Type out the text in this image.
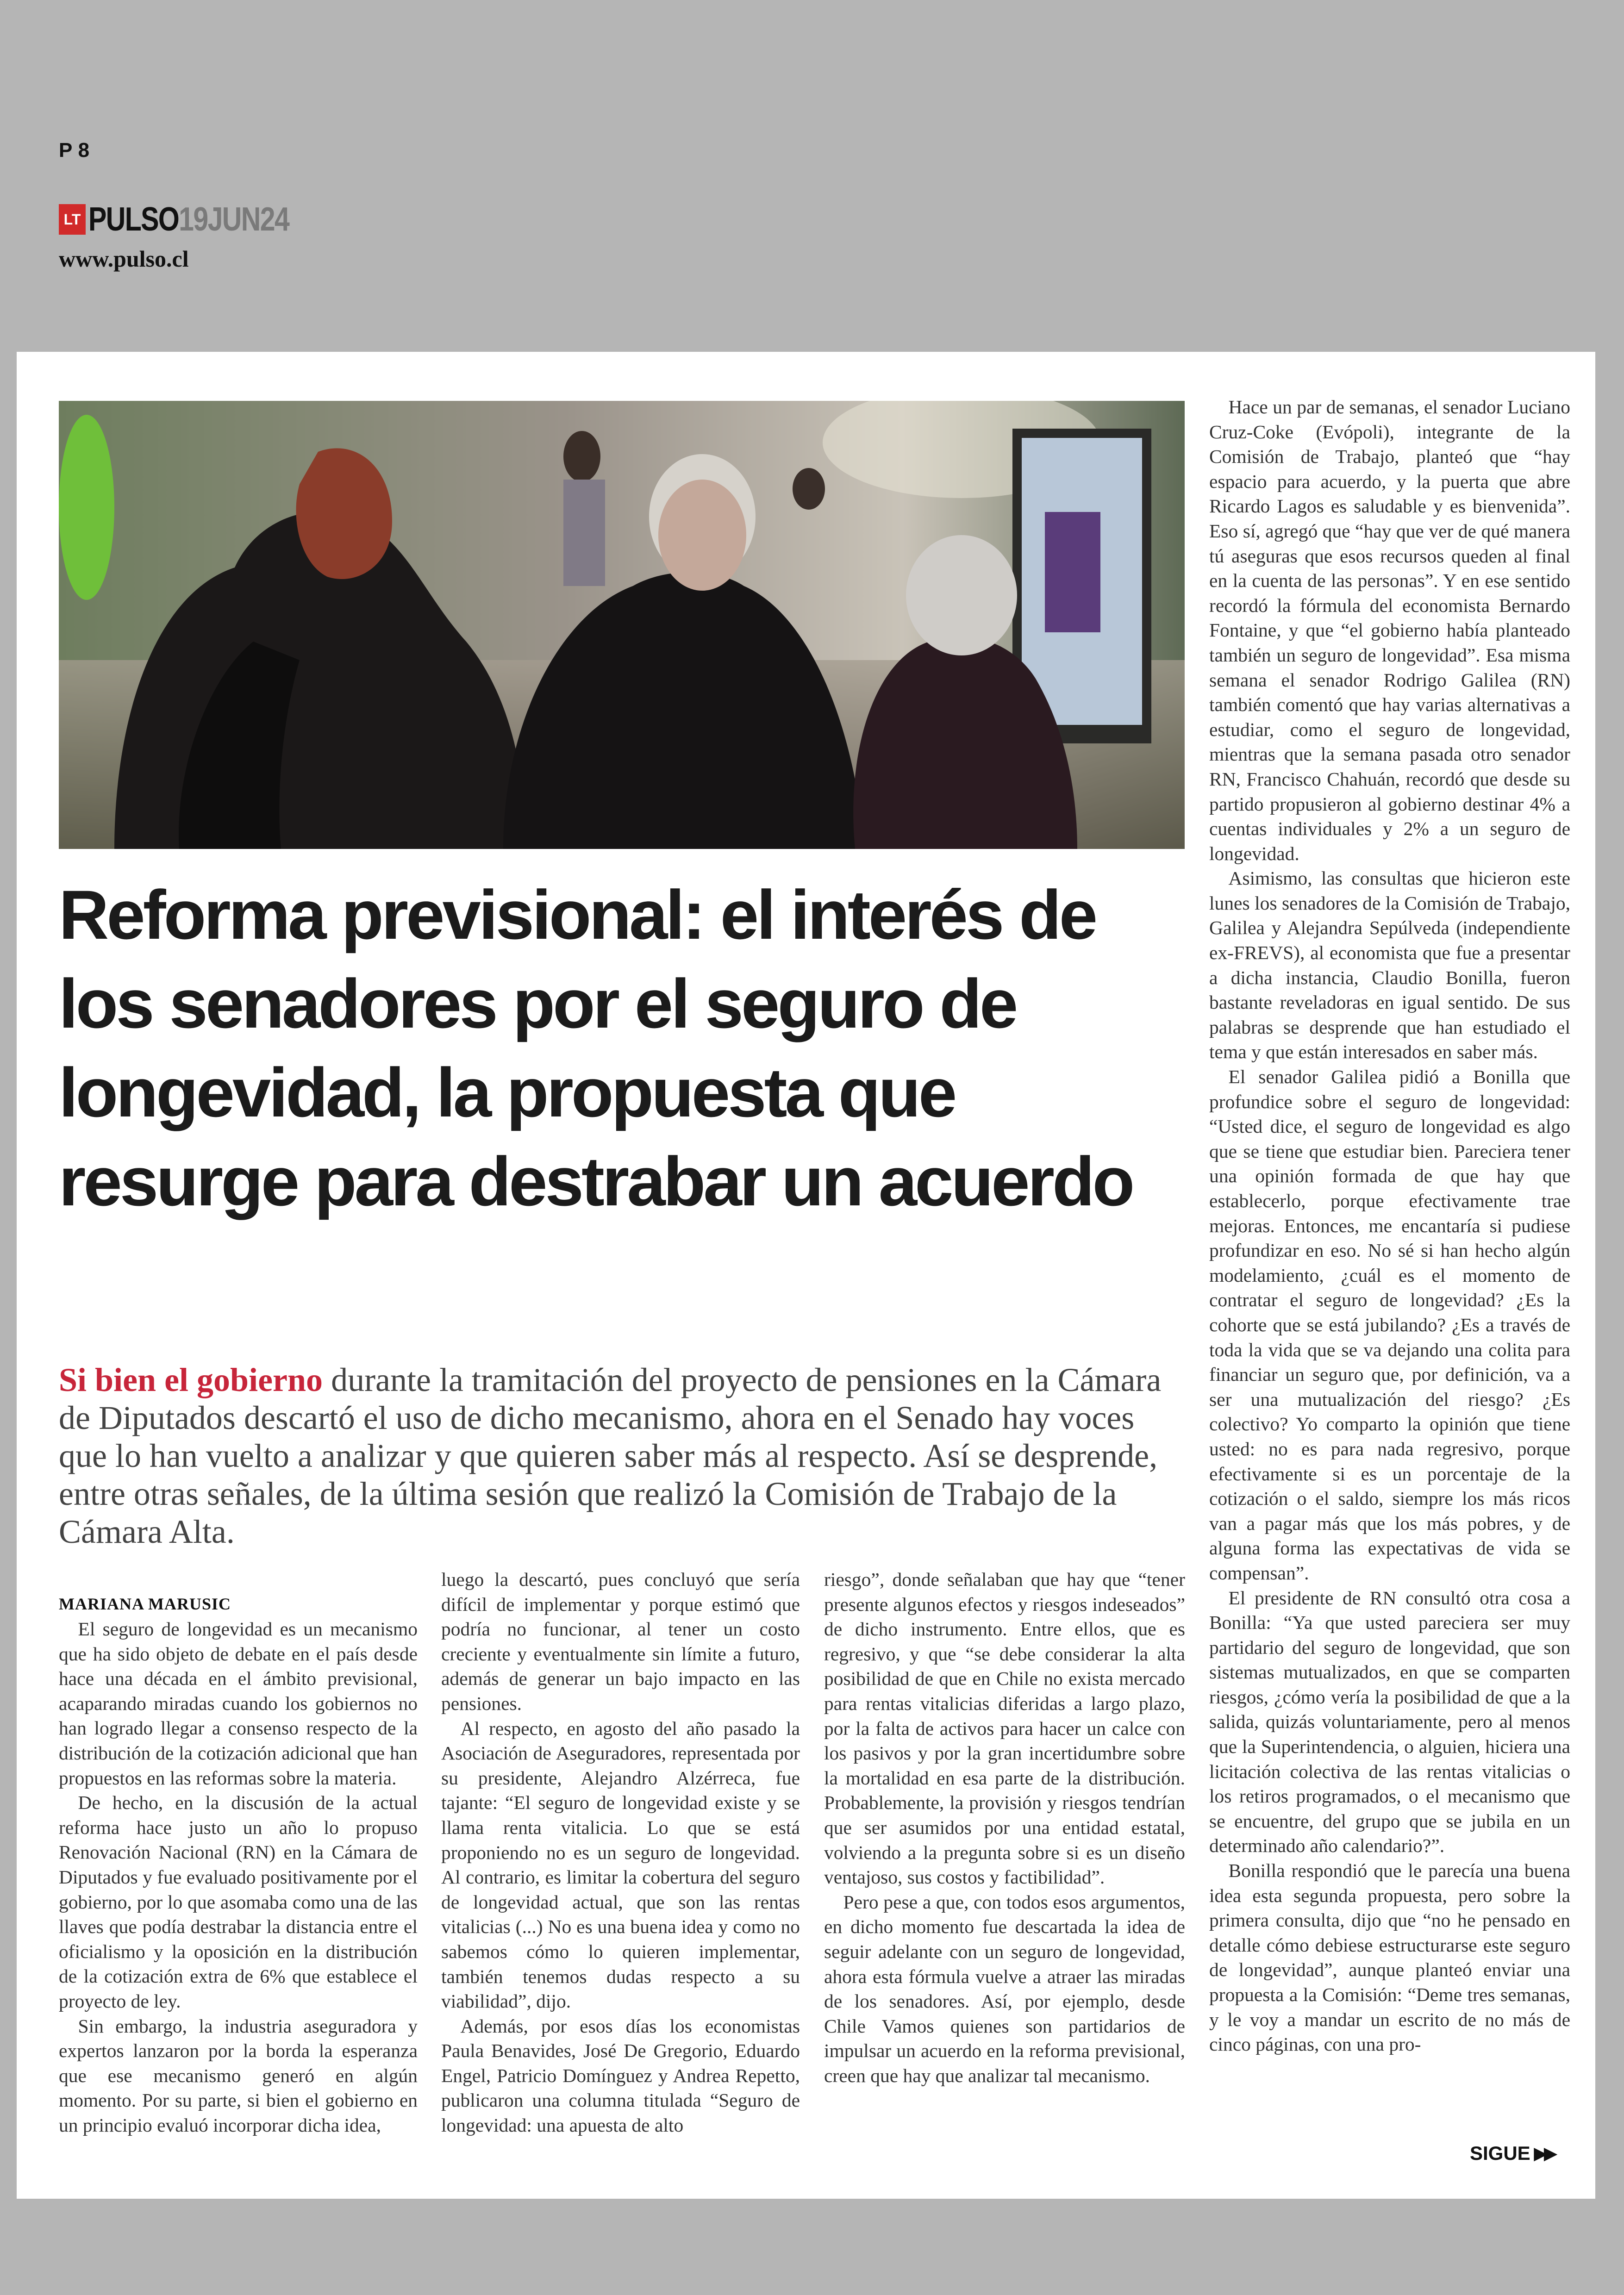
P 8
LT PULSO19JUN24
www.pulso.cl
Reforma previsional: el interés de los senadores por el seguro de longevidad, la propuesta que resurge para destrabar un acuerdo

Si bien el gobierno durante la tramitación del proyecto de pensiones en la Cámara de Diputados descartó el uso de dicho mecanismo, ahora en el Senado hay voces que lo han vuelto a analizar y que quieren saber más al respecto. Así se desprende, entre otras señales, de la última sesión que realizó la Comisión de Trabajo de la Cámara Alta.

MARIANA MARUSIC

El seguro de longevidad es un mecanismo que ha sido objeto de debate en el país desde hace una década en el ámbito previsional, acaparando miradas cuando los gobiernos no han logrado llegar a consenso respecto de la distribución de la cotización adicional que han propuestos en las reformas sobre la materia.

De hecho, en la discusión de la actual reforma hace justo un año lo propuso Renovación Nacional (RN) en la Cámara de Diputados y fue evaluado positivamente por el gobierno, por lo que asomaba como una de las llaves que podía destrabar la distancia entre el oficialismo y la oposición en la distribución de la cotización extra de 6% que establece el proyecto de ley.

Sin embargo, la industria aseguradora y expertos lanzaron por la borda la esperanza que ese mecanismo generó en algún momento. Por su parte, si bien el gobierno en un principio evaluó incorporar dicha idea,

luego la descartó, pues concluyó que sería difícil de implementar y porque estimó que podría no funcionar, al tener un costo creciente y eventualmente sin límite a futuro, además de generar un bajo impacto en las pensiones.

Al respecto, en agosto del año pasado la Asociación de Aseguradores, representada por su presidente, Alejandro Alzérreca, fue tajante: “El seguro de longevidad existe y se llama renta vitalicia. Lo que se está proponiendo no es un seguro de longevidad. Al contrario, es limitar la cobertura del seguro de longevidad actual, que son las rentas vitalicias (...) No es una buena idea y como no sabemos cómo lo quieren implementar, también tenemos dudas respecto a su viabilidad”, dijo.

Además, por esos días los economistas Paula Benavides, José De Gregorio, Eduardo Engel, Patricio Domínguez y Andrea Repetto, publicaron una columna titulada “Seguro de longevidad: una apuesta de alto

riesgo”, donde señalaban que hay que “tener presente algunos efectos y riesgos indeseados” de dicho instrumento. Entre ellos, que es regresivo, y que “se debe considerar la alta posibilidad de que en Chile no exista mercado para rentas vitalicias diferidas a largo plazo, por la falta de activos para hacer un calce con los pasivos y por la gran incertidumbre sobre la mortalidad en esa parte de la distribución. Probablemente, la provisión y riesgos tendrían que ser asumidos por una entidad estatal, volviendo a la pregunta sobre si es un diseño ventajoso, sus costos y factibilidad”.

Pero pese a que, con todos esos argumentos, en dicho momento fue descartada la idea de seguir adelante con un seguro de longevidad, ahora esta fórmula vuelve a atraer las miradas de los senadores. Así, por ejemplo, desde Chile Vamos quienes son partidarios de impulsar un acuerdo en la reforma previsional, creen que hay que analizar tal mecanismo.

Hace un par de semanas, el senador Luciano Cruz-Coke (Evópoli), integrante de la Comisión de Trabajo, planteó que “hay espacio para acuerdo, y la puerta que abre Ricardo Lagos es saludable y es bienvenida”. Eso sí, agregó que “hay que ver de qué manera tú aseguras que esos recursos queden al final en la cuenta de las personas”. Y en ese sentido recordó la fórmula del economista Bernardo Fontaine, y que “el gobierno había planteado también un seguro de longevidad”. Esa misma semana el senador Rodrigo Galilea (RN) también comentó que hay varias alternativas a estudiar, como el seguro de longevidad, mientras que la semana pasada otro senador RN, Francisco Chahuán, recordó que desde su partido propusieron al gobierno destinar 4% a cuentas individuales y 2% a un seguro de longevidad.

Asimismo, las consultas que hicieron este lunes los senadores de la Comisión de Trabajo, Galilea y Alejandra Sepúlveda (independiente ex-FREVS), al economista que fue a presentar a dicha instancia, Claudio Bonilla, fueron bastante reveladoras en igual sentido. De sus palabras se desprende que han estudiado el tema y que están interesados en saber más.

El senador Galilea pidió a Bonilla que profundice sobre el seguro de longevidad: “Usted dice, el seguro de longevidad es algo que se tiene que estudiar bien. Pareciera tener una opinión formada de que hay que establecerlo, porque efectivamente trae mejoras. Entonces, me encantaría si pudiese profundizar en eso. No sé si han hecho algún modelamiento, ¿cuál es el momento de contratar el seguro de longevidad? ¿Es la cohorte que se está jubilando? ¿Es a través de toda la vida que se va dejando una colita para financiar un seguro que, por definición, va a ser una mutualización del riesgo? ¿Es colectivo? Yo comparto la opinión que tiene usted: no es para nada regresivo, porque efectivamente si es un porcentaje de la cotización o el saldo, siempre los más ricos van a pagar más que los más pobres, y de alguna forma las expectativas de vida se compensan”.

El presidente de RN consultó otra cosa a Bonilla: “Ya que usted pareciera ser muy partidario del seguro de longevidad, que son sistemas mutualizados, en que se comparten riesgos, ¿cómo vería la posibilidad de que a la salida, quizás voluntariamente, pero al menos que la Superintendencia, o alguien, hiciera una licitación colectiva de las rentas vitalicias o los retiros programados, o el mecanismo que se encuentre, del grupo que se jubila en un determinado año calendario?”.

Bonilla respondió que le parecía una buena idea esta segunda propuesta, pero sobre la primera consulta, dijo que “no he pensado en detalle cómo debiese estructurarse este seguro de longevidad”, aunque planteó enviar una propuesta a la Comisión: “Deme tres semanas, y le voy a mandar un escrito de no más de cinco páginas, con una pro-

SIGUE ▶▶
